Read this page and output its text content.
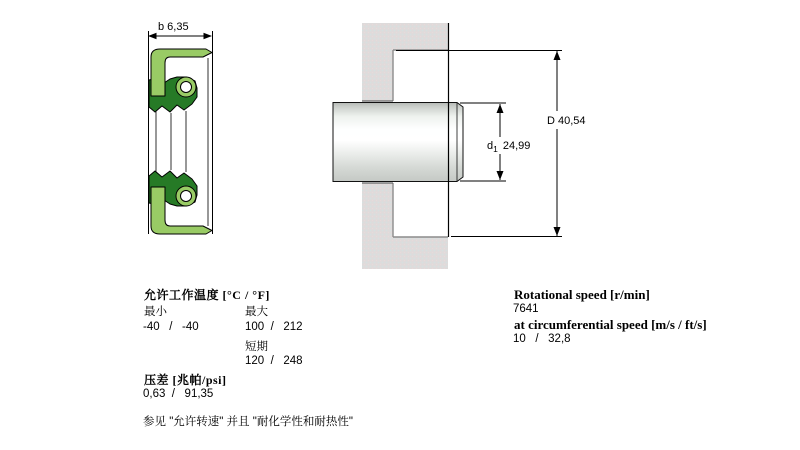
b 6,35
D 40,54
$d_1$ 24,99
允许工作温度 [°C / °F]
最小	最大
-40   /   -40	100  /   212
短期
120  /   248
压差 [兆帕/psi]
0,63  /   91,35
参见 "允许转速" 并且 "耐化学性和耐热性"
Rotational speed [r/min]
7641
at circumferential speed [m/s / ft/s]
10   /   32,8
